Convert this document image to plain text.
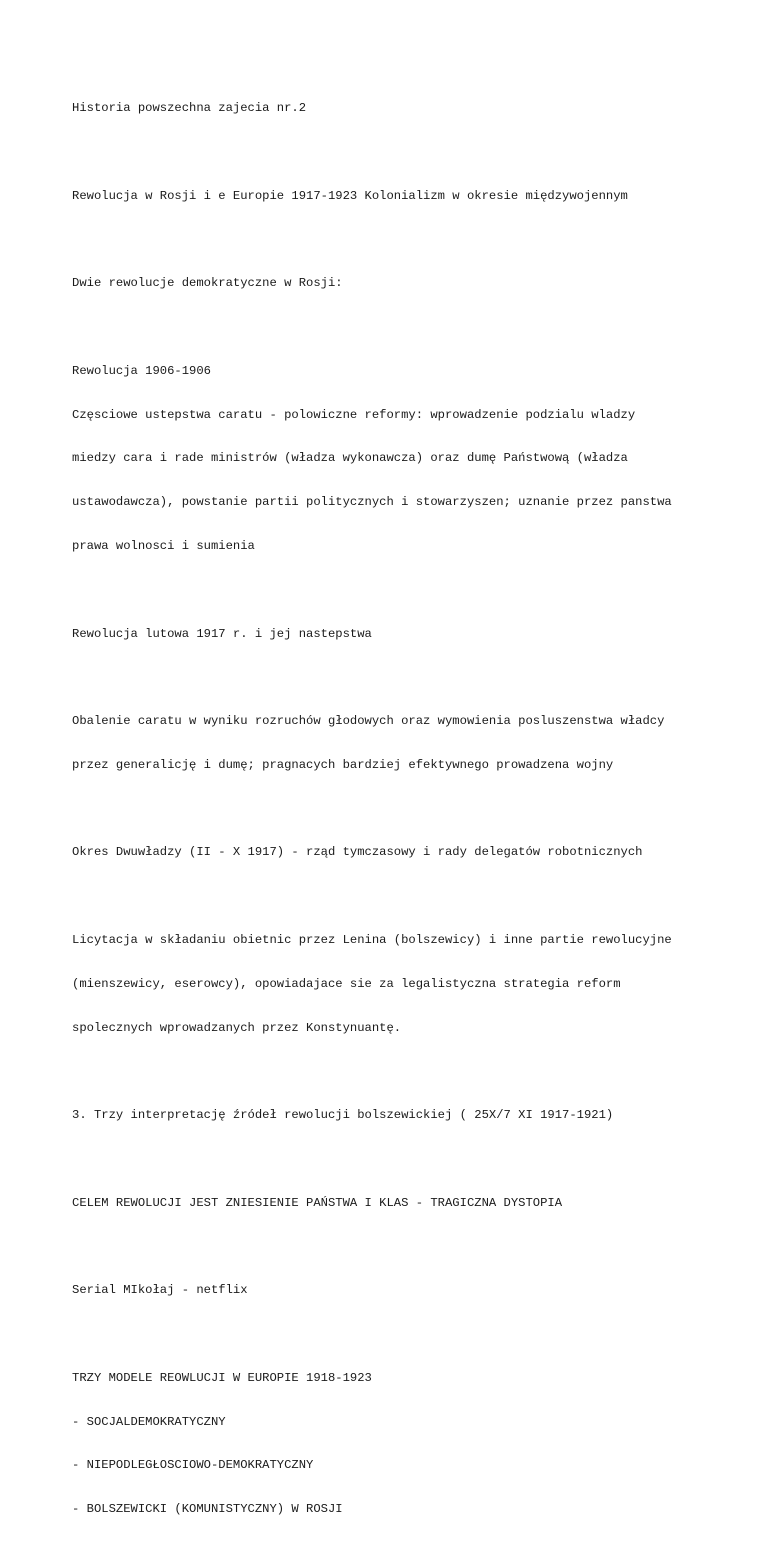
Historia powszechna zajecia nr.2

Rewolucja w Rosji i e Europie 1917-1923 Kolonializm w okresie międzywojennym

Dwie rewolucje demokratyczne w Rosji:

Rewolucja 1906-1906

Częsciowe ustepstwa caratu - polowiczne reformy: wprowadzenie podzialu wladzy

miedzy cara i rade ministrów (władza wykonawcza) oraz dumę Państwową (władza

ustawodawcza), powstanie partii politycznych i stowarzyszen; uznanie przez panstwa

prawa wolnosci i sumienia

Rewolucja lutowa 1917 r. i jej nastepstwa

Obalenie caratu w wyniku rozruchów głodowych oraz wymowienia posluszenstwa władcy

przez generalicję i dumę; pragnacych bardziej efektywnego prowadzena wojny

Okres Dwuwładzy (II - X 1917) - rząd tymczasowy i rady delegatów robotnicznych

Licytacja w składaniu obietnic przez Lenina (bolszewicy) i inne partie rewolucyjne

(mienszewicy, eserowcy), opowiadajace sie za legalistyczna strategia reform

spolecznych wprowadzanych przez Konstynuantę.

3. Trzy interpretację źródeł rewolucji bolszewickiej ( 25X/7 XI 1917-1921)

CELEM REWOLUCJI JEST ZNIESIENIE PAŃSTWA I KLAS - TRAGICZNA DYSTOPIA

Serial MIkołaj - netflix

TRZY MODELE REOWLUCJI W EUROPIE 1918-1923

- SOCJALDEMOKRATYCZNY

- NIEPODLEGŁOSCIOWO-DEMOKRATYCZNY

- BOLSZEWICKI (KOMUNISTYCZNY) W ROSJI
